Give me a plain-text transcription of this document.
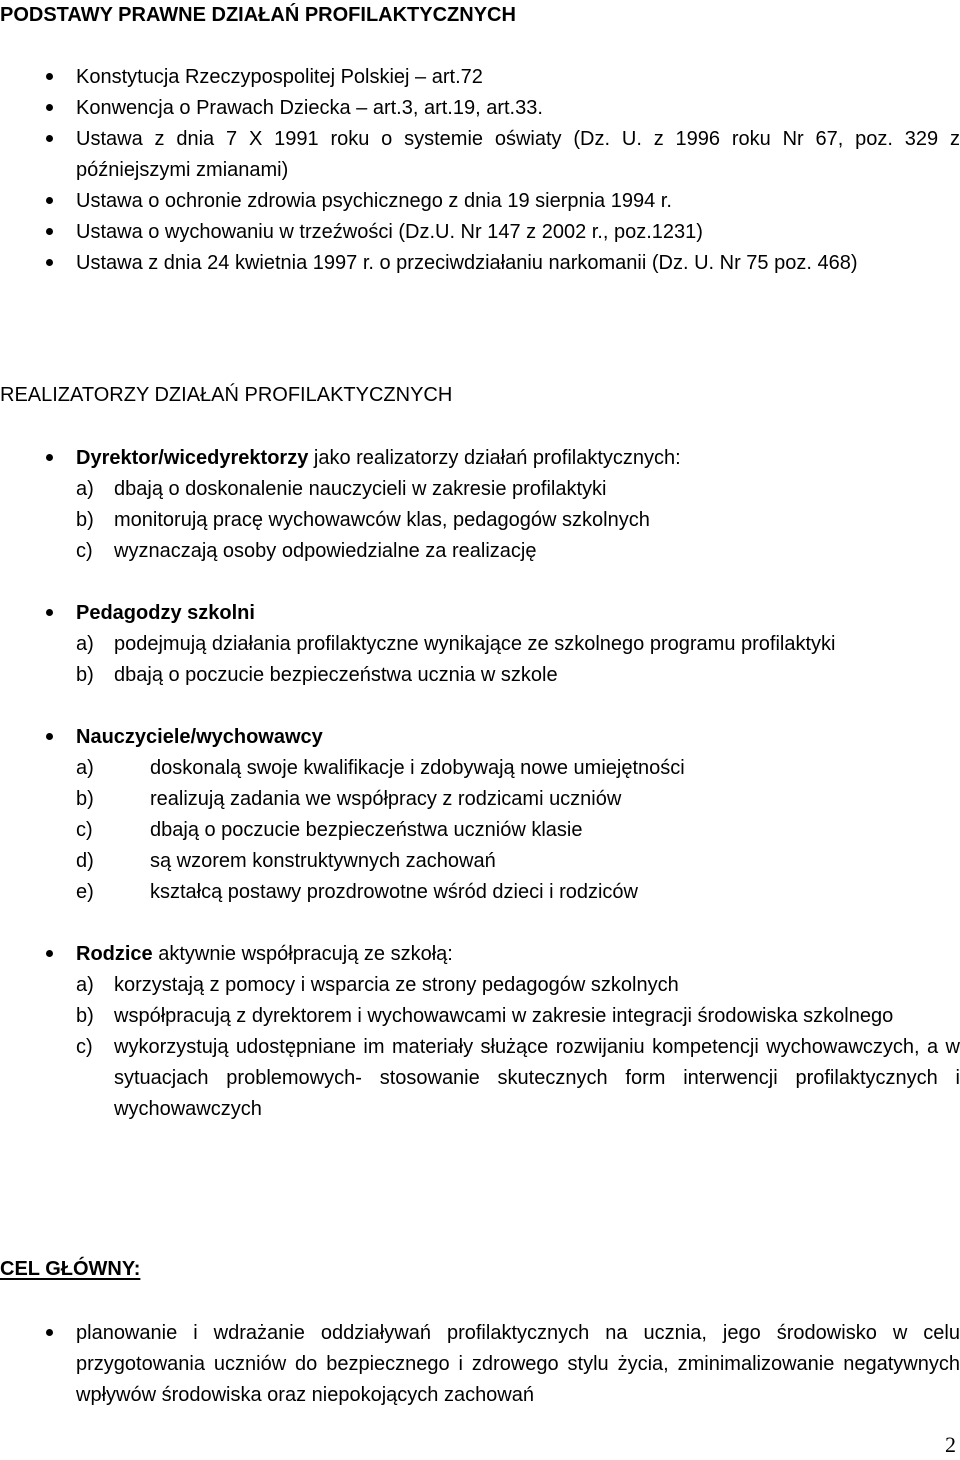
PODSTAWY PRAWNE DZIAŁAŃ PROFILAKTYCZNYCH
Konstytucja Rzeczypospolitej Polskiej – art.72
Konwencja o Prawach Dziecka – art.3, art.19, art.33.
Ustawa z dnia 7 X 1991 roku o systemie oświaty (Dz. U. z 1996 roku Nr 67, poz. 329 z późniejszymi zmianami)
Ustawa o ochronie zdrowia psychicznego z dnia 19 sierpnia 1994 r.
Ustawa o wychowaniu w trzeźwości (Dz.U. Nr 147 z 2002 r., poz.1231)
Ustawa z dnia 24 kwietnia 1997 r. o przeciwdziałaniu narkomanii (Dz. U. Nr 75 poz. 468)
REALIZATORZY DZIAŁAŃ PROFILAKTYCZNYCH
Dyrektor/wicedyrektorzy jako realizatorzy działań profilaktycznych:
a) dbają o doskonalenie nauczycieli w zakresie profilaktyki
b) monitorują pracę wychowawców klas, pedagogów szkolnych
c) wyznaczają osoby odpowiedzialne za realizację
Pedagodzy szkolni
a) podejmują działania profilaktyczne wynikające ze szkolnego programu profilaktyki
b) dbają o poczucie bezpieczeństwa ucznia w szkole
Nauczyciele/wychowawcy
a)	doskonalą swoje kwalifikacje i zdobywają nowe umiejętności
b)	realizują zadania we współpracy z rodzicami uczniów
c)	dbają o poczucie bezpieczeństwa uczniów klasie
d)	są wzorem konstruktywnych zachowań
e)	kształcą postawy prozdrowotne wśród dzieci i rodziców
Rodzice aktywnie współpracują ze szkołą:
a) korzystają z pomocy i wsparcia ze strony pedagogów szkolnych
b) współpracują z dyrektorem i wychowawcami w zakresie integracji środowiska szkolnego
c) wykorzystują udostępniane im materiały służące rozwijaniu kompetencji wychowawczych, a w sytuacjach problemowych- stosowanie skutecznych form interwencji profilaktycznych i wychowawczych
CEL GŁÓWNY:
planowanie i wdrażanie oddziaływań profilaktycznych na ucznia, jego środowisko w celu przygotowania uczniów do bezpiecznego i zdrowego stylu życia, zminimalizowanie negatywnych wpływów środowiska oraz niepokojących zachowań
2
